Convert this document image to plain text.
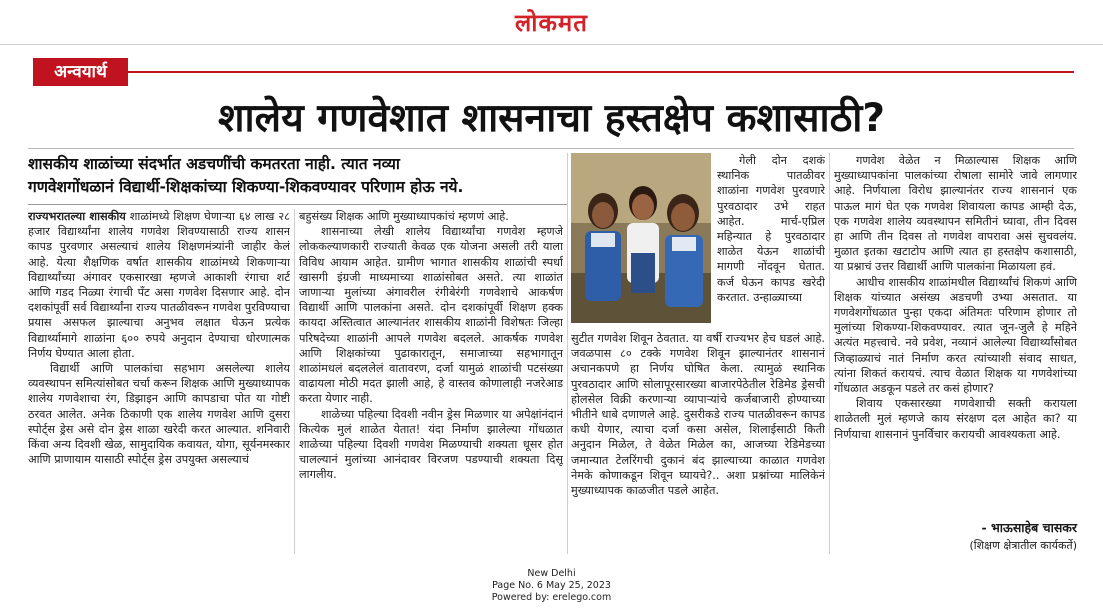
लोकमत
अन्वयार्थ
शालेय गणवेशात शासनाचा हस्तक्षेप कशासाठी?
शासकीय शाळांच्या संदर्भात अडचणींची कमतरता नाही. त्यात नव्या
गणवेशगोंधळानं विद्यार्थी-शिक्षकांच्या शिकण्या-शिकवण्यावर परिणाम होऊ नये.

राज्यभरातल्या शासकीय शाळांमध्ये शिक्षण घेणाऱ्या ६४ लाख २८ हजार विद्यार्थ्यांना शालेय गणवेश शिवण्यासाठी राज्य शासन कापड पुरवणार असल्याचं शालेय शिक्षणमंत्र्यांनी जाहीर केलं आहे. येत्या शैक्षणिक वर्षात शासकीय शाळांमध्ये शिकणाऱ्या विद्यार्थ्यांच्या अंगावर एकसारखा म्हणजे आकाशी रंगाचा शर्ट आणि गडद निळ्या रंगाची पँट असा गणवेश दिसणार आहे. दोन दशकांपूर्वी सर्व विद्यार्थ्यांना राज्य पातळीवरून गणवेश पुरविण्याचा प्रयास असफल झाल्याचा अनुभव लक्षात घेऊन प्रत्येक विद्यार्थ्यामागे शाळांना ६०० रुपये अनुदान देण्याचा धोरणात्मक निर्णय घेण्यात आला होता.

विद्यार्थी आणि पालकांचा सहभाग असलेल्या शालेय व्यवस्थापन समित्यांसोबत चर्चा करून शिक्षक आणि मुख्याध्यापक शालेय गणवेशाचा रंग, डिझाइन आणि कापडाचा पोत या गोष्टी ठरवत आलेत. अनेक ठिकाणी एक शालेय गणवेश आणि दुसरा स्पोर्ट्स ड्रेस असे दोन ड्रेस शाळा खरेदी करत आल्यात. शनिवारी किंवा अन्य दिवशी खेळ, सामुदायिक कवायत, योगा, सूर्यनमस्कार आणि प्राणायाम यासाठी स्पोर्ट्स ड्रेस उपयुक्त असल्याचं

बहुसंख्य शिक्षक आणि मुख्याध्यापकांचं म्हणणं आहे.

शासनाच्या लेखी शालेय विद्यार्थ्यांचा गणवेश म्हणजे लोककल्याणकारी राज्याती केवळ एक योजना असली तरी याला विविध आयाम आहेत. ग्रामीण भागात शासकीय शाळांची स्पर्धा खासगी इंग्रजी माध्यमाच्या शाळांसोबत असते. त्या शाळांत जाणाऱ्या मुलांच्या अंगावरील रंगीबेरंगी गणवेशाचे आकर्षण विद्यार्थी आणि पालकांना असते. दोन दशकांपूर्वी शिक्षण हक्क कायदा अस्तित्वात आल्यानंतर शासकीय शाळांनी विशेषतः जिल्हा परिषदेच्या शाळांनी आपले गणवेश बदलले. आकर्षक गणवेश आणि शिक्षकांच्या पुढाकारातून, समाजाच्या सहभागातून शाळांमधलं बदललेलं वातावरण, दर्जा यामुळं शाळांची पटसंख्या वाढायला मोठी मदत झाली आहे, हे वास्तव कोणालाही नजरेआड करता येणार नाही.

शाळेच्या पहिल्या दिवशी नवीन ड्रेस मिळणार या अपेक्षांनंदानं कित्येक मुलं शाळेत येतात! यंदा निर्माण झालेल्या गोंधळात शाळेच्या पहिल्या दिवशी गणवेश मिळण्याची शक्यता धूसर होत चालल्यानं मुलांच्या आनंदावर विरजण पडण्याची शक्यता दिसू लागलीय.

गेली दोन दशकं स्थानिक पातळीवर शाळांना गणवेश पुरवणारे पुरवठादार उभे राहत आहेत. मार्च-एप्रिल महिन्यात हे पुरवठादार शाळेत येऊन शाळांची मागणी नोंदवून घेतात. कर्ज घेऊन कापड खरेदी करतात. उन्हाळ्याच्या

सुटीत गणवेश शिवून ठेवतात. या वर्षी राज्यभर हेच घडलं आहे. जवळपास ८० टक्के गणवेश शिवून झाल्यानंतर शासनानं अचानकपणे हा निर्णय घोषित केला. त्यामुळं स्थानिक पुरवठादार आणि सोलापूरसारख्या बाजारपेठेतील रेडिमेड ड्रेसची होलसेल विक्री करणाऱ्या व्यापाऱ्यांचे कर्जबाजारी होण्याच्या भीतीने धाबे दणाणले आहे. दुसरीकडे राज्य पातळीवरून कापड कधी येणार, त्याचा दर्जा कसा असेल, शिलाईसाठी किती अनुदान मिळेल, ते वेळेत मिळेल का, आजच्या रेडिमेडच्या जमान्यात टेलरिंगची दुकानं बंद झाल्याच्या काळात गणवेश नेमके कोणाकडून शिवून घ्यायचे?.. अशा प्रश्नांच्या मालिकेनं मुख्याध्यापक काळजीत पडले आहेत.

गणवेश वेळेत न मिळाल्यास शिक्षक आणि मुख्याध्यापकांना पालकांच्या रोषाला सामोरे जावे लागणार आहे. निर्णयाला विरोध झाल्यानंतर राज्य शासनानं एक पाऊल मागं घेत एक गणवेश शिवायला कापड आम्ही देऊ, एक गणवेश शालेय व्यवस्थापन समितीनं घ्यावा, तीन दिवस हा आणि तीन दिवस तो गणवेश वापरावा असं सुचवलंय. मुळात इतका खटाटोप आणि त्यात हा हस्तक्षेप कशासाठी, या प्रश्नाचं उत्तर विद्यार्थी आणि पालकांना मिळायला हवं.

आधीच शासकीय शाळांमधील विद्यार्थ्यांचं शिकणं आणि शिक्षक यांच्यात असंख्य अडचणी उभ्या असतात. या गणवेशगोंधळात पुन्हा एकदा अंतिमतः परिणाम होणार तो मुलांच्या शिकण्या-शिकवण्यावर. त्यात जून-जुलै हे महिने अत्यंत महत्त्वाचे. नवे प्रवेश, नव्यानं आलेल्या विद्यार्थ्यांसोबत जिव्हाळ्याचं नातं निर्माण करत त्यांच्याशी संवाद साधत, त्यांना शिकतं करायचं. त्याच वेळात शिक्षक या गणवेशांच्या गोंधळात अडकून पडले तर कसं होणार?

शिवाय एकसारख्या गणवेशाची सक्ती करायला शाळेतली मुलं म्हणजे काय संरक्षण दल आहेत का? या निर्णयाचा शासनानं पुनर्विचार करायची आवश्यकता आहे.

- भाऊसाहेब चासकर
(शिक्षण क्षेत्रातील कार्यकर्ते)
New Delhi
Page No. 6 May 25, 2023
Powered by: erelego.com
